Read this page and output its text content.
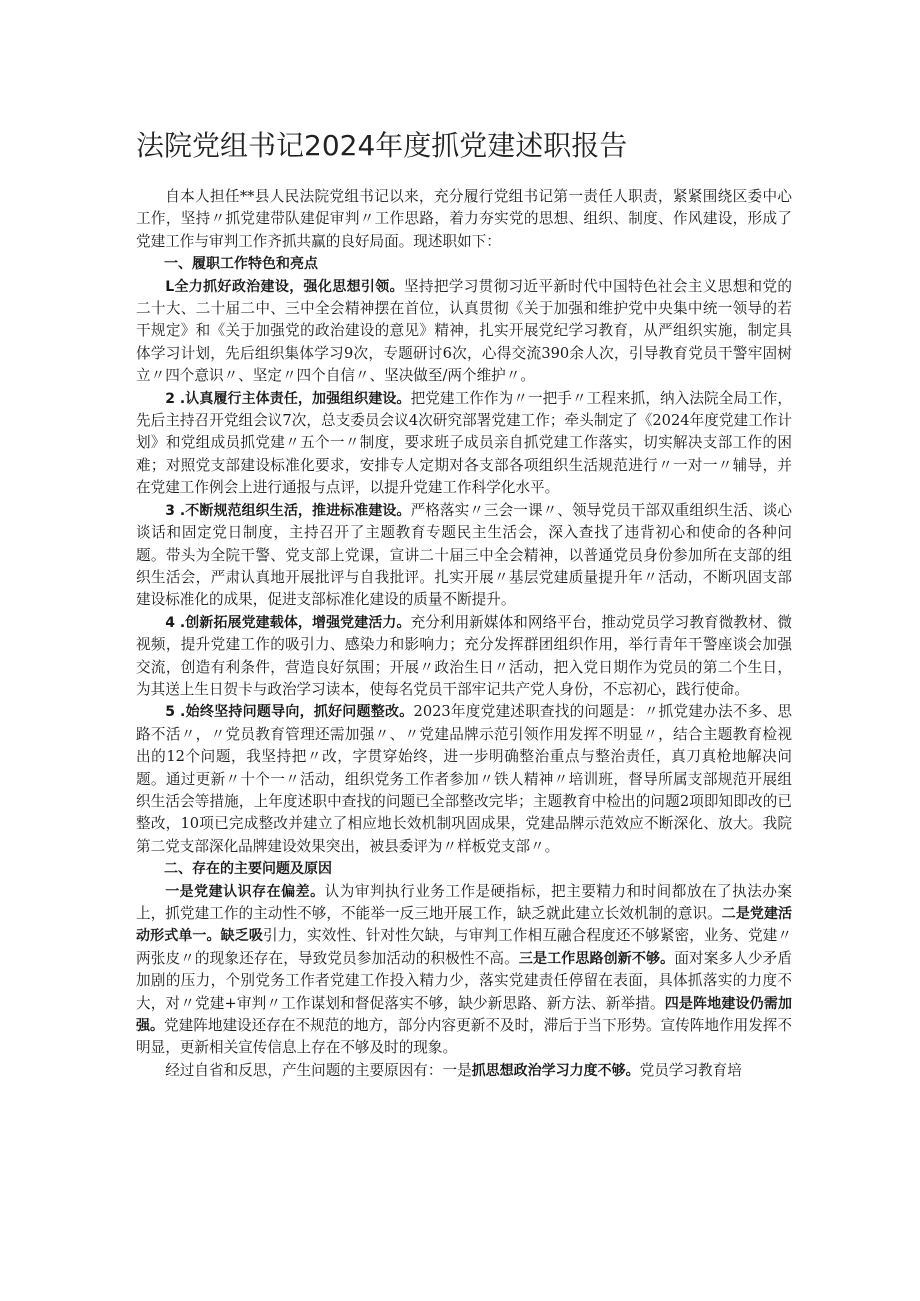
法院党组书记2024年度抓党建述职报告

自本人担任**县人民法院党组书记以来，充分履行党组书记第一责任人职责，紧紧围绕区委中心工作，坚持〃抓党建带队建促审判〃工作思路，着力夯实党的思想、组织、制度、作风建设，形成了党建工作与审判工作齐抓共赢的良好局面。现述职如下：

一、履职工作特色和亮点

L全力抓好政治建设，强化思想引领。坚持把学习贯彻习近平新时代中国特色社会主义思想和党的二十大、二十届二中、三中全会精神摆在首位，认真贯彻《关于加强和维护党中央集中统一领导的若干规定》和《关于加强党的政治建设的意见》精神，扎实开展党纪学习教育，从严组织实施，制定具体学习计划，先后组织集体学习9次，专题研讨6次，心得交流390余人次，引导教育党员干警牢固树立〃四个意识〃、坚定〃四个自信〃、坚决做至/两个维护〃。

2 .认真履行主体责任，加强组织建设。把党建工作作为〃一把手〃工程来抓，纳入法院全局工作，先后主持召开党组会议7次，总支委员会议4次研究部署党建工作；牵头制定了《2024年度党建工作计划》和党组成员抓党建〃五个一〃制度，要求班子成员亲自抓党建工作落实，切实解决支部工作的困难；对照党支部建设标准化要求，安排专人定期对各支部各项组织生活规范进行〃一对一〃辅导，并在党建工作例会上进行通报与点评，以提升党建工作科学化水平。

3 .不断规范组织生活，推进标准建设。严格落实〃三会一课〃、领导党员干部双重组织生活、谈心谈话和固定党日制度，主持召开了主题教育专题民主生活会，深入查找了违背初心和使命的各种问题。带头为全院干警、党支部上党课，宣讲二十届三中全会精神，以普通党员身份参加所在支部的组织生活会，严肃认真地开展批评与自我批评。扎实开展〃基层党建质量提升年〃活动，不断巩固支部建设标准化的成果，促进支部标准化建设的质量不断提升。

4 .创新拓展党建载体，增强党建活力。充分利用新媒体和网络平台，推动党员学习教育微教材、微视频，提升党建工作的吸引力、感染力和影响力；充分发挥群团组织作用，举行青年干警座谈会加强交流，创造有利条件，营造良好氛围；开展〃政治生日〃活动，把入党日期作为党员的第二个生日，为其送上生日贺卡与政治学习读本，使每名党员干部牢记共产党人身份，不忘初心，践行使命。

5 .始终坚持问题导向，抓好问题整改。2023年度党建述职查找的问题是：〃抓党建办法不多、思路不活〃，〃党员教育管理还需加强〃、〃党建品牌示范引领作用发挥不明显〃，结合主题教育检视出的12个问题，我坚持把〃改，字贯穿始终，进一步明确整治重点与整治责任，真刀真枪地解决问题。通过更新〃十个一〃活动，组织党务工作者参加〃铁人精神〃培训班，督导所属支部规范开展组织生活会等措施，上年度述职中查找的问题已全部整改完毕；主题教育中检出的问题2项即知即改的已整改，10项已完成整改并建立了相应地长效机制巩固成果，党建品牌示范效应不断深化、放大。我院第二党支部深化品牌建设效果突出，被县委评为〃样板党支部〃。

二、存在的主要问题及原因

一是党建认识存在偏差。认为审判执行业务工作是硬指标，把主要精力和时间都放在了执法办案上，抓党建工作的主动性不够，不能举一反三地开展工作，缺乏就此建立长效机制的意识。二是党建活动形式单一。缺乏吸引力，实效性、针对性欠缺，与审判工作相互融合程度还不够紧密，业务、党建〃两张皮〃的现象还存在，导致党员参加活动的积极性不高。三是工作思路创新不够。面对案多人少矛盾加剧的压力，个别党务工作者党建工作投入精力少，落实党建责任停留在表面，具体抓落实的力度不大，对〃党建+审判〃工作谋划和督促落实不够，缺少新思路、新方法、新举措。四是阵地建设仍需加强。党建阵地建设还存在不规范的地方，部分内容更新不及时，滞后于当下形势。宣传阵地作用发挥不明显，更新相关宣传信息上存在不够及时的现象。

经过自省和反思，产生问题的主要原因有：一是抓思想政治学习力度不够。党员学习教育培
